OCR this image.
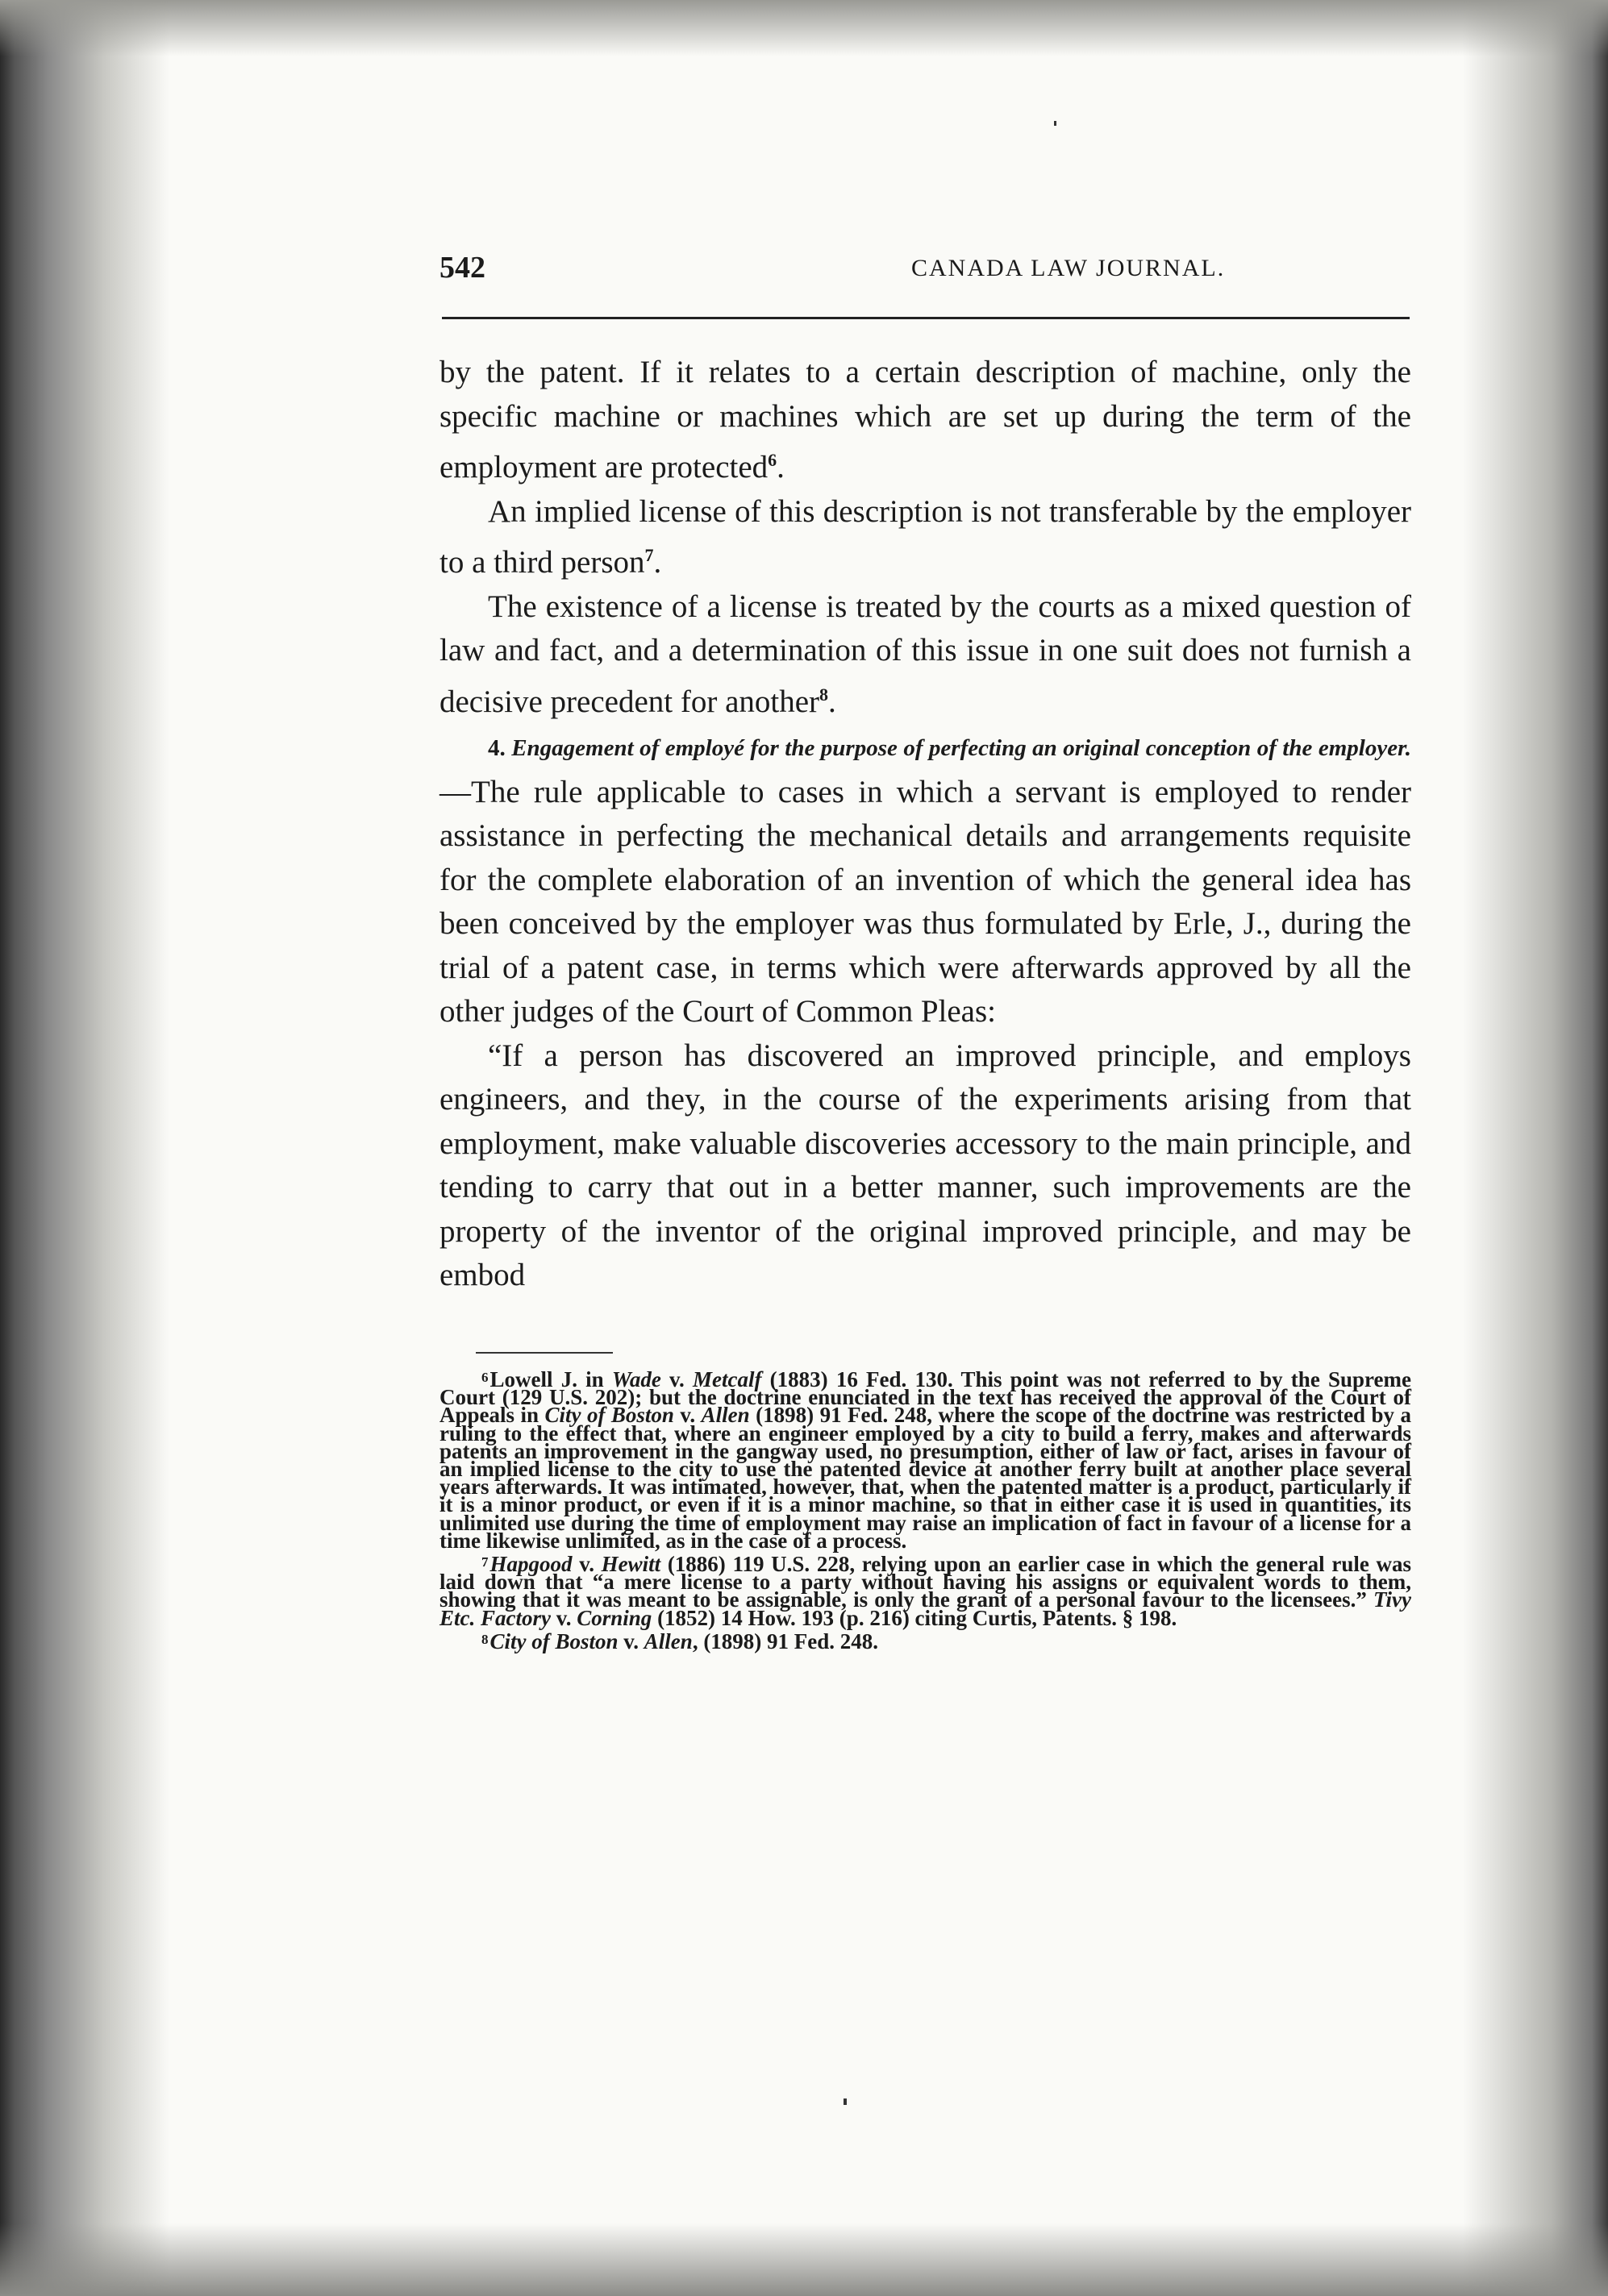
542	CANADA LAW JOURNAL.

by the patent. If it relates to a certain description of machine, only the specific machine or machines which are set up during the term of the employment are protected$^6$.

An implied license of this description is not transferable by the employer to a third person$^7$.

The existence of a license is treated by the courts as a mixed question of law and fact, and a determination of this issue in one suit does not furnish a decisive precedent for another$^8$.

4. Engagement of employé for the purpose of perfecting an original conception of the employer.—The rule applicable to cases in which a servant is employed to render assistance in perfecting the mechanical details and arrangements requisite for the complete elaboration of an invention of which the general idea has been conceived by the employer was thus formulated by Erle, J., during the trial of a patent case, in terms which were afterwards approved by all the other judges of the Court of Common Pleas:

“If a person has discovered an improved principle, and employs engineers, and they, in the course of the experiments arising from that employment, make valuable discoveries accessory to the main principle, and tending to carry that out in a better manner, such improvements are the property of the inventor of the original improved principle, and may be embod

$^6$Lowell J. in Wade v. Metcalf (1883) 16 Fed. 130. This point was not referred to by the Supreme Court (129 U.S. 202); but the doctrine enunciated in the text has received the approval of the Court of Appeals in City of Boston v. Allen (1898) 91 Fed. 248, where the scope of the doctrine was restricted by a ruling to the effect that, where an engineer employed by a city to build a ferry, makes and afterwards patents an improvement in the gangway used, no presumption, either of law or fact, arises in favour of an implied license to the city to use the patented device at another ferry built at another place several years afterwards. It was intimated, however, that, when the patented matter is a product, particularly if it is a minor product, or even if it is a minor machine, so that in either case it is used in quantities, its unlimited use during the time of employment may raise an implication of fact in favour of a license for a time likewise unlimited, as in the case of a process.

$^7$Hapgood v. Hewitt (1886) 119 U.S. 228, relying upon an earlier case in which the general rule was laid down that “a mere license to a party without having his assigns or equivalent words to them, showing that it was meant to be assignable, is only the grant of a personal favour to the licensees.” Tivy Etc. Factory v. Corning (1852) 14 How. 193 (p. 216) citing Curtis, Patents. § 198.

$^8$City of Boston v. Allen, (1898) 91 Fed. 248.
